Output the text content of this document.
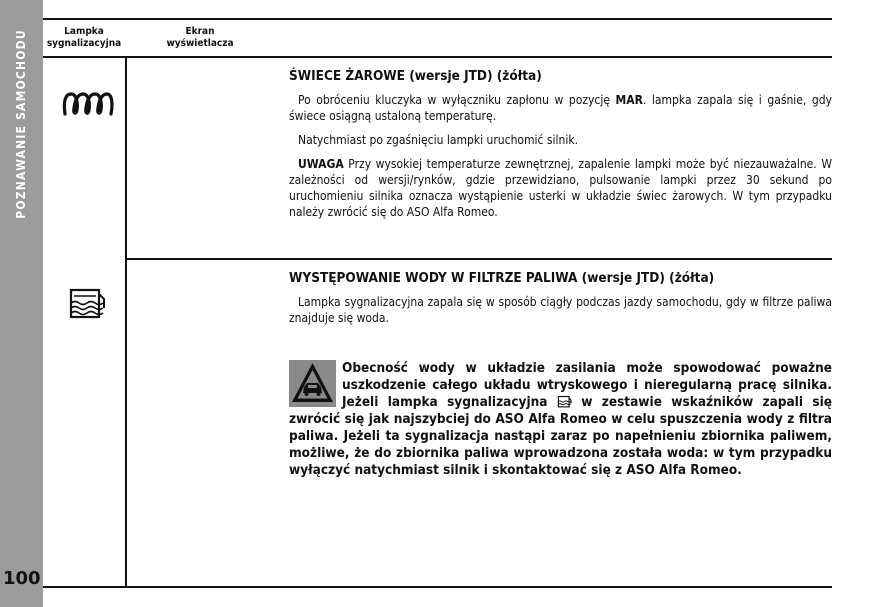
POZNAWANIE SAMOCHODU
100
Lampka
sygnalizacyjna
Ekran
wyświetlacza
ŚWIECE ŻAROWE (wersje JTD) (żółta)

Po obróceniu kluczyka w wyłączniku zapłonu w pozycję MAR. lampka zapala się i gaśnie, gdy świece osiągną ustaloną temperaturę.

Natychmiast po zgaśnięciu lampki uruchomić silnik.

UWAGA Przy wysokiej temperaturze zewnętrznej, zapalenie lampki może być niezauważalne. W zależności od wersji/rynków, gdzie przewidziano, pulsowanie lampki przez 30 sekund po uruchomieniu silnika oznacza wystąpienie usterki w układzie świec żarowych. W tym przypadku należy zwrócić się do ASO Alfa Romeo.

WYSTĘPOWANIE WODY W FILTRZE PALIWA (wersje JTD) (żółta)

Lampka sygnalizacyjna zapala się w sposób ciągły podczas jazdy samochodu, gdy w filtrze paliwa znajduje się woda.

Obecność wody w układzie zasilania może spowodować poważne uszkodzenie całego układu wtryskowego i nieregularną pracę silnika. Jeżeli lampka sygnalizacyjna  w zestawie wskaźników zapali się zwrócić się jak najszybciej do ASO Alfa Romeo w celu spuszczenia wody z filtra paliwa. Jeżeli ta sygnalizacja nastąpi zaraz po napełnieniu zbiornika paliwem, możliwe, że do zbiornika paliwa wprowadzona została woda: w tym przypadku wyłączyć natychmiast silnik i skontaktować się z ASO Alfa Romeo.
